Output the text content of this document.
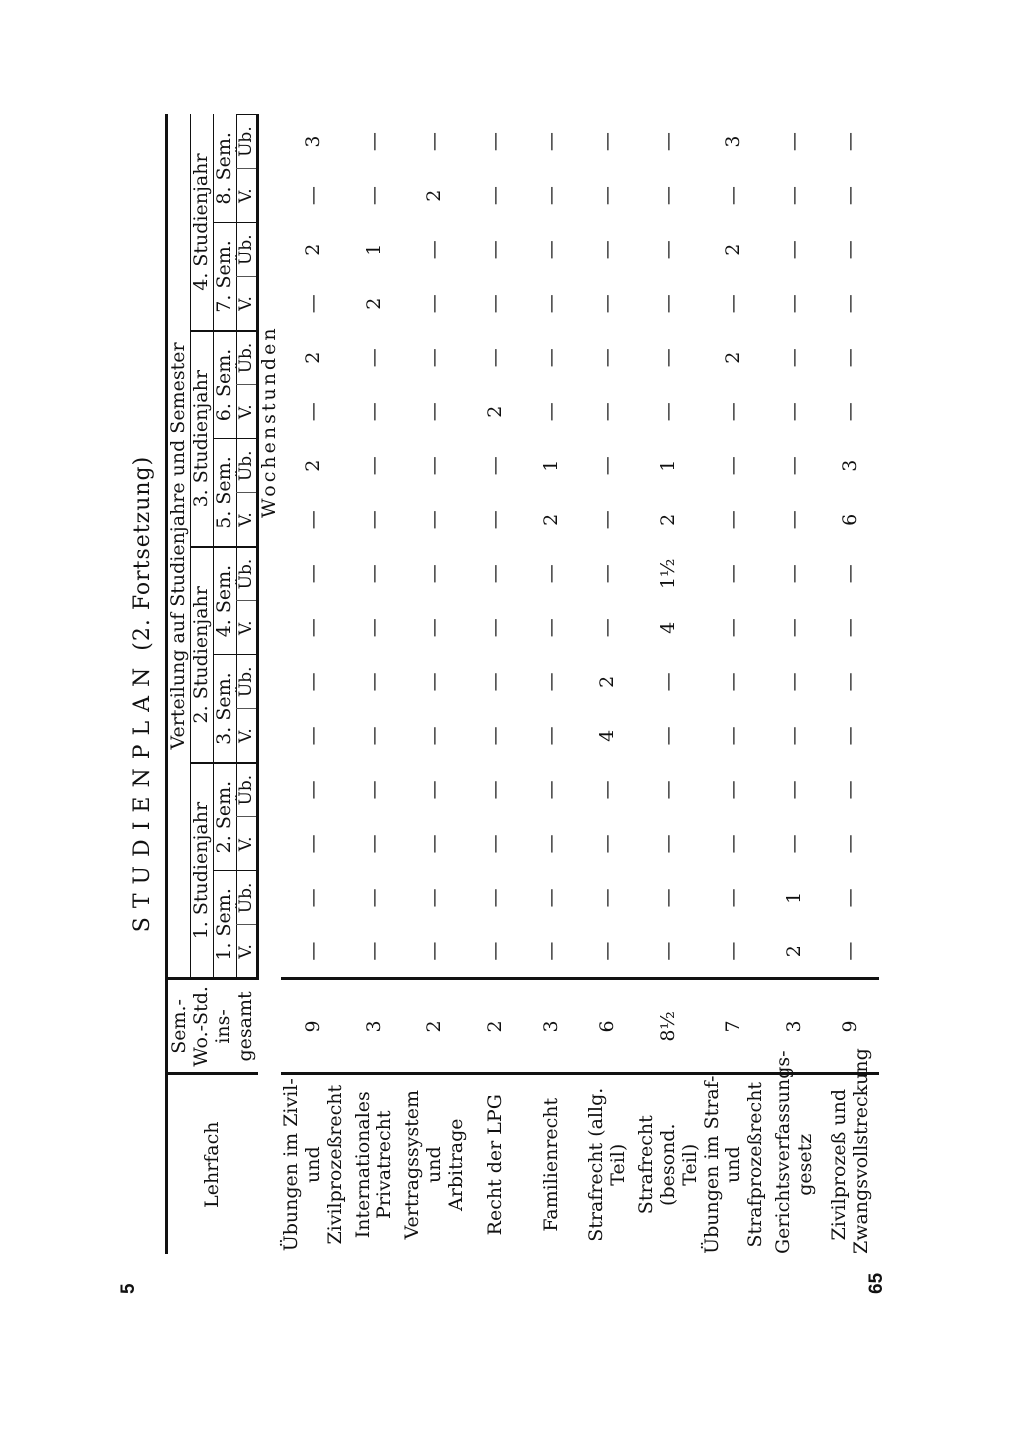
5	65
STUDIENPLAN (2. Fortsetzung)
Lehrfach	Sem.- Wo.-Std. ins- gesamt	Verteilung auf Studienjahre und Semester															
		1. Studienjahr				2. Studienjahr				3. Studienjahr				4. Studienjahr			
		1. Sem.		2. Sem.		3. Sem.		4. Sem.		5. Sem.		6. Sem.		7. Sem.		8. Sem.	
		V.	Üb.	V.	Üb.	V.	Üb.	V.	Üb.	V.	Üb.	V.	Üb.	V.	Üb.	V.	Üb.
		Wochenstunden															

Übungen im Zivil- und Zivilprozeßrecht	9	—	—	—	—	—	—	—	—	—	2	—	2	—	2	—	3

Internationales Privatrecht	3	—	—	—	—	—	—	—	—	—	—	—	—	2	1	—	—

Vertragssystem und Arbitrage	2	—	—	—	—	—	—	—	—	—	—	—	—	—	—	2	—

Recht der LPG	2	—	—	—	—	—	—	—	—	—	—	2	—	—	—	—	—

Familienrecht	3	—	—	—	—	—	—	—	—	2	1	—	—	—	—	—	—

Strafrecht (allg. Teil)	6	—	—	—	—	4	2	—	—	—	—	—	—	—	—	—	—

Strafrecht (besond. Teil)	8½	—	—	—	—	—	—	4	1½	2	1	—	—	—	—	—	—

Übungen im Straf- und Strafprozeßrecht	7	—	—	—	—	—	—	—	—	—	—	—	2	—	2	—	3

Gerichtsverfassungs- gesetz	3	2	1	—	—	—	—	—	—	—	—	—	—	—	—	—	—

Zivilprozeß und Zwangsvollstreckung	9	—	—	—	—	—	—	—	—	6	3	—	—	—	—	—	—
